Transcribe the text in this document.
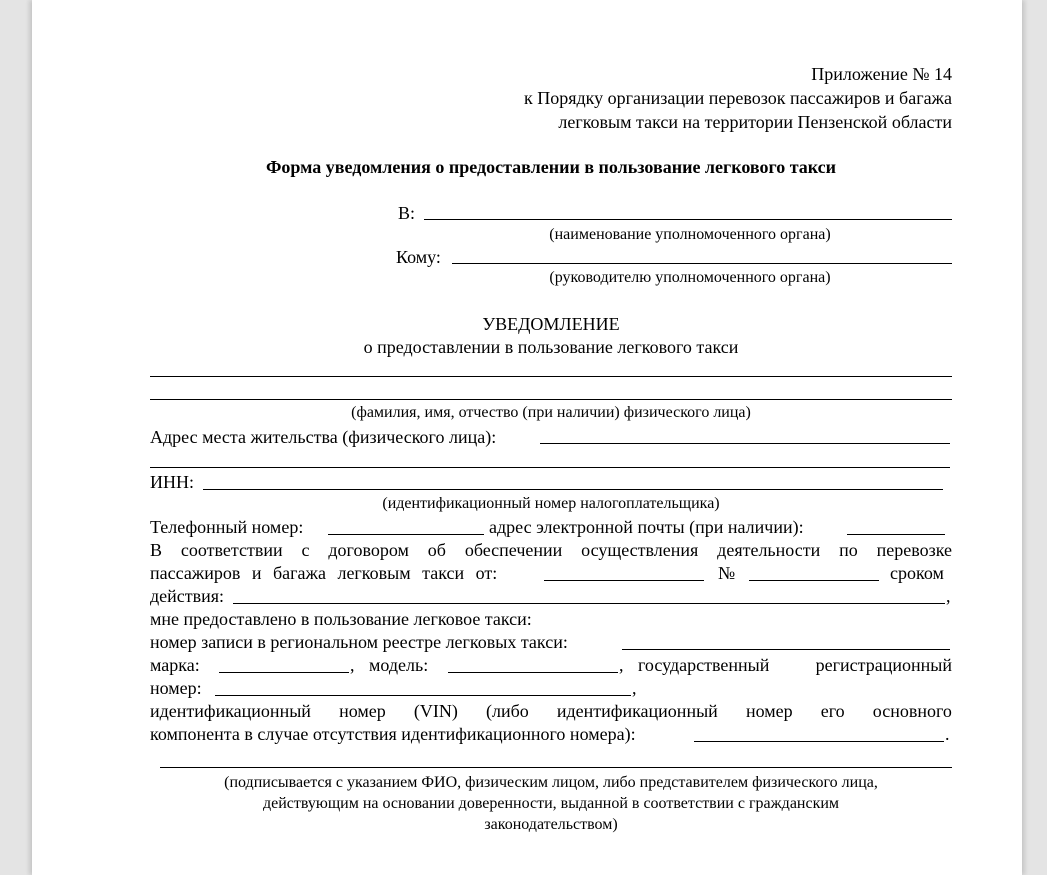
Приложение № 14
к Порядку организации перевозок пассажиров и багажа
легковым такси на территории Пензенской области
Форма уведомления о предоставлении в пользование легкового такси
В:
(наименование уполномоченного органа)
Кому:
(руководителю уполномоченного органа)
УВЕДОМЛЕНИЕ
о предоставлении в пользование легкового такси
(фамилия, имя, отчество (при наличии) физического лица)
Адрес места жительства (физического лица):
ИНН:
(идентификационный номер налогоплательщика)
Телефонный номер:	адрес электронной почты (при наличии):
В соответствии с договором об обеспечении осуществления деятельности по перевозке
пассажиров и багажа легковым такси от:	№	сроком
действия:	,
мне предоставлено в пользование легковое такси:
номер записи в региональном реестре легковых такси:
марка:	, модель:	, государственный	регистрационный
номер:	,
идентификационный номер (VIN) (либо идентификационный номер его основного
компонента в случае отсутствия идентификационного номера):	.
(подписывается с указанием ФИО, физическим лицом, либо представителем физического лица,
действующим на основании доверенности, выданной в соответствии с гражданским
законодательством)
